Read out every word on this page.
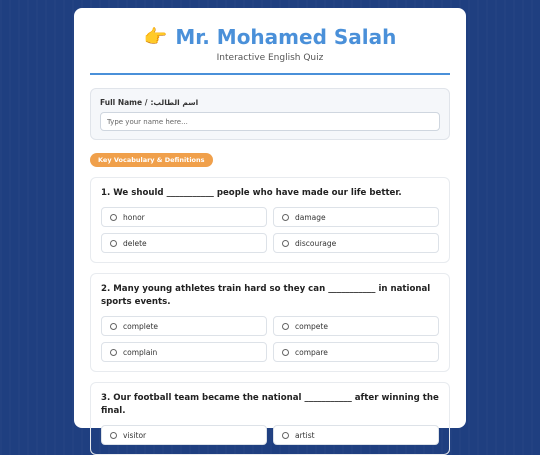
👉 Mr. Mohamed Salah
Interactive English Quiz
Full Name / اسم الطالب:
Type your name here...
Key Vocabulary & Definitions
1. We should ___________ people who have made our life better.
honor	damage
delete	discourage
2. Many young athletes train hard so they can ___________ in national sports events.
complete	compete
complain	compare
3. Our football team became the national ___________ after winning the final.
visitor	artist
